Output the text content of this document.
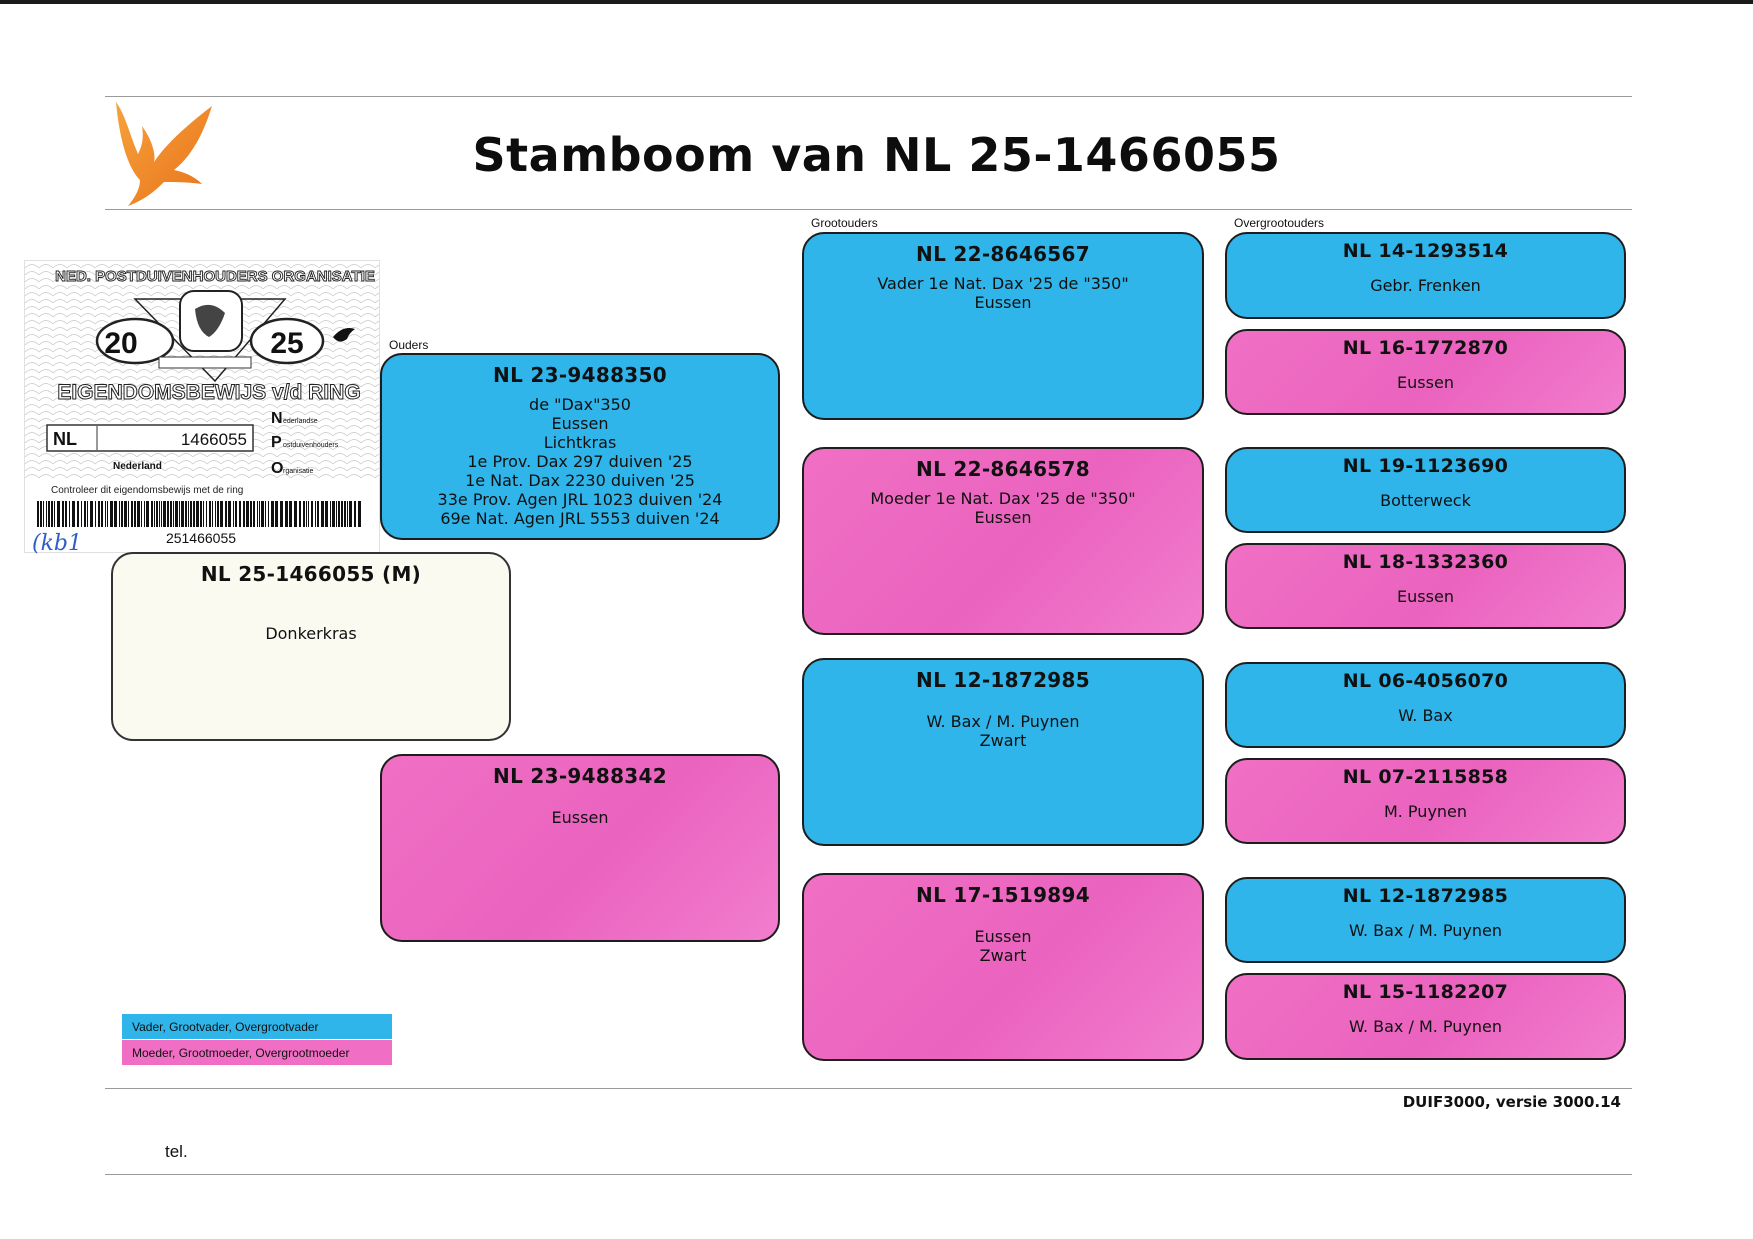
Stamboom van NL 25-1466055
Grootouders	Overgrootouders
Ouders
NED. POSTDUIVENHOUDERS ORGANISATIE
20	25
EIGENDOMSBEWIJS v/d RING
NL	1466055
Nederland
N ederlandse
P ostduivenhouders
O rganisatie
Controleer dit eigendomsbewijs met de ring
251466055
(kb1
NL 25-1466055 (M)
Donkerkras
NL 23-9488350
de "Dax"350
Eussen
Lichtkras
1e Prov. Dax 297 duiven '25
1e Nat. Dax 2230 duiven '25
33e Prov. Agen JRL 1023 duiven '24
69e Nat. Agen JRL 5553 duiven '24
NL 23-9488342
Eussen
NL 22-8646567
Vader 1e Nat. Dax '25 de "350"
Eussen
NL 22-8646578
Moeder 1e Nat. Dax '25 de "350"
Eussen
NL 12-1872985
W. Bax / M. Puynen
Zwart
NL 17-1519894
Eussen
Zwart
NL 14-1293514
Gebr. Frenken
NL 16-1772870
Eussen
NL 19-1123690
Botterweck
NL 18-1332360
Eussen
NL 06-4056070
W. Bax
NL 07-2115858
M. Puynen
NL 12-1872985
W. Bax / M. Puynen
NL 15-1182207
W. Bax / M. Puynen
Vader, Grootvader, Overgrootvader
Moeder, Grootmoeder, Overgrootmoeder
DUIF3000, versie 3000.14
tel.
